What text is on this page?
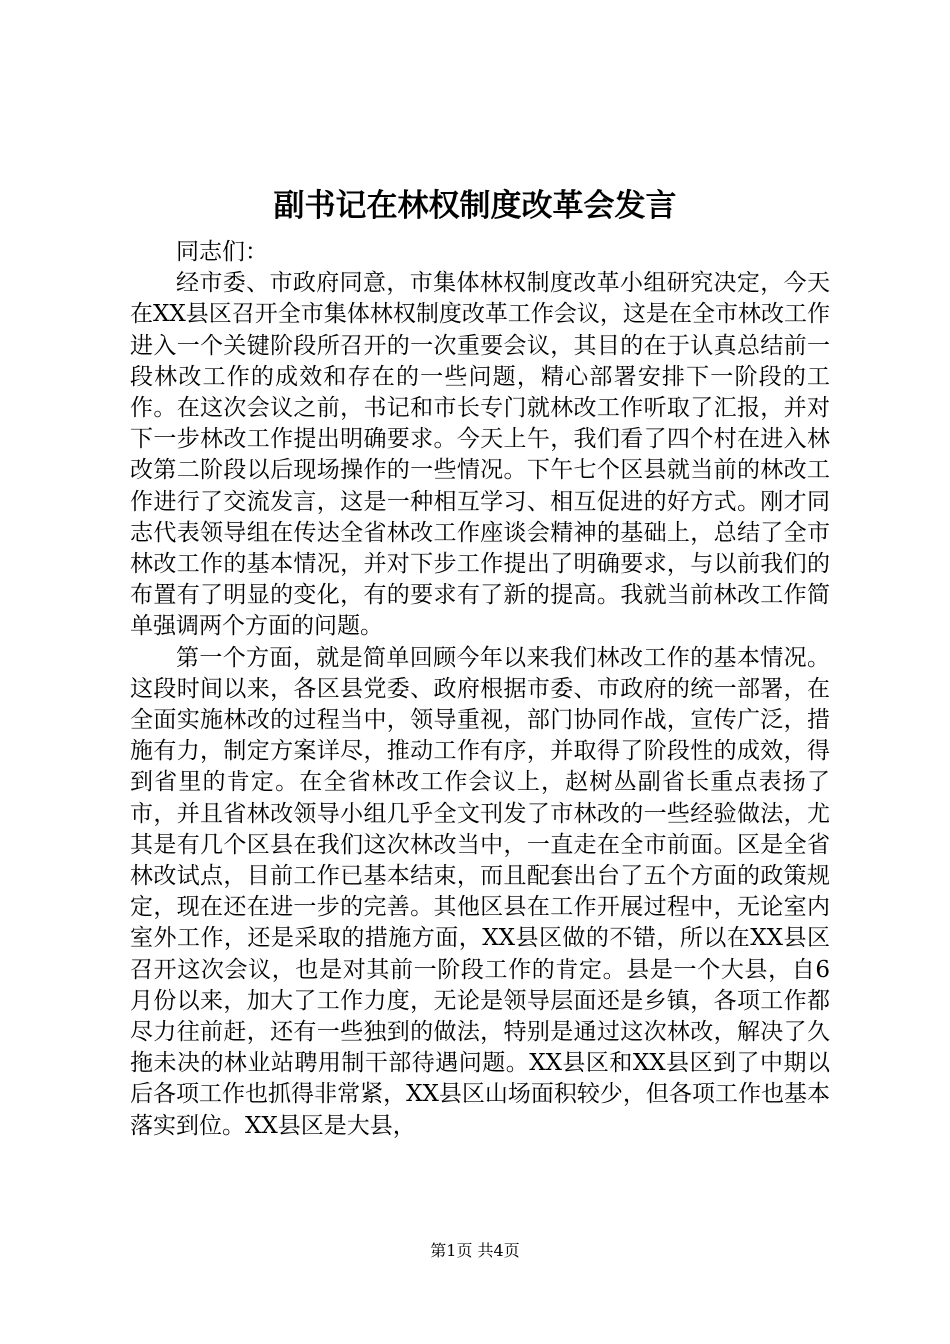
副书记在林权制度改革会发言

同志们：

经市委、市政府同意，市集体林权制度改革小组研究决定，今天在XX县区召开全市集体林权制度改革工作会议，这是在全市林改工作进入一个关键阶段所召开的一次重要会议，其目的在于认真总结前一段林改工作的成效和存在的一些问题，精心部署安排下一阶段的工作。在这次会议之前，书记和市长专门就林改工作听取了汇报，并对下一步林改工作提出明确要求。今天上午，我们看了四个村在进入林改第二阶段以后现场操作的一些情况。下午七个区县就当前的林改工作进行了交流发言，这是一种相互学习、相互促进的好方式。刚才同志代表领导组在传达全省林改工作座谈会精神的基础上，总结了全市林改工作的基本情况，并对下步工作提出了明确要求，与以前我们的布置有了明显的变化，有的要求有了新的提高。我就当前林改工作简单强调两个方面的问题。

第一个方面，就是简单回顾今年以来我们林改工作的基本情况。这段时间以来，各区县党委、政府根据市委、市政府的统一部署，在全面实施林改的过程当中，领导重视，部门协同作战，宣传广泛，措施有力，制定方案详尽，推动工作有序，并取得了阶段性的成效，得到省里的肯定。在全省林改工作会议上，赵树丛副省长重点表扬了市，并且省林改领导小组几乎全文刊发了市林改的一些经验做法，尤其是有几个区县在我们这次林改当中，一直走在全市前面。区是全省林改试点，目前工作已基本结束，而且配套出台了五个方面的政策规定，现在还在进一步的完善。其他区县在工作开展过程中，无论室内室外工作，还是采取的措施方面，XX县区做的不错，所以在XX县区召开这次会议，也是对其前一阶段工作的肯定。县是一个大县，自6月份以来，加大了工作力度，无论是领导层面还是乡镇，各项工作都尽力往前赶，还有一些独到的做法，特别是通过这次林改，解决了久拖未决的林业站聘用制干部待遇问题。XX县区和XX县区到了中期以后各项工作也抓得非常紧，XX县区山场面积较少，但各项工作也基本落实到位。XX县区是大县，

第1页 共4页
